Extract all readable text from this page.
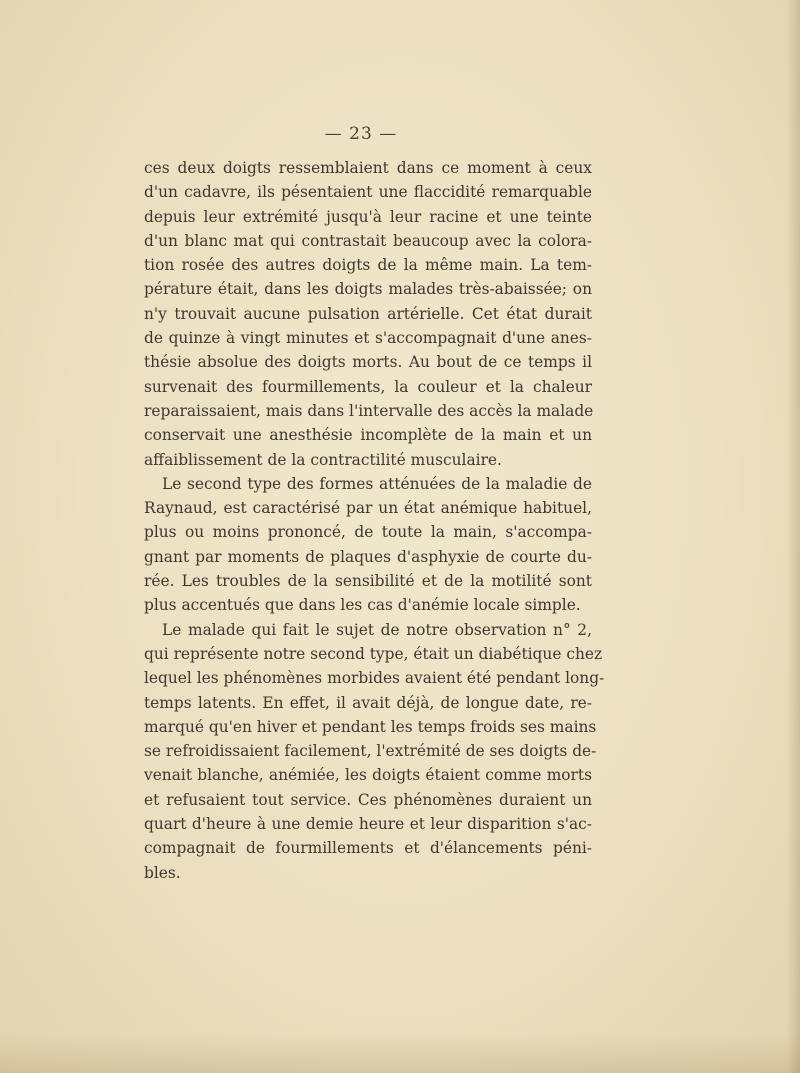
— 23 —
ces deux doigts ressemblaient dans ce moment à ceux
d'un cadavre, ils pésentaient une flaccidité remarquable
depuis leur extrémité jusqu'à leur racine et une teinte
d'un blanc mat qui contrastait beaucoup avec la colora-
tion rosée des autres doigts de la même main. La tem-
pérature était, dans les doigts malades très-abaissée; on
n'y trouvait aucune pulsation artérielle. Cet état durait
de quinze à vingt minutes et s'accompagnait d'une anes-
thésie absolue des doigts morts. Au bout de ce temps il
survenait des fourmillements, la couleur et la chaleur
reparaissaient, mais dans l'intervalle des accès la malade
conservait une anesthésie incomplète de la main et un
affaiblissement de la contractilité musculaire.
Le second type des formes atténuées de la maladie de
Raynaud, est caractérisé par un état anémique habituel,
plus ou moins prononcé, de toute la main, s'accompa-
gnant par moments de plaques d'asphyxie de courte du-
rée. Les troubles de la sensibilité et de la motilité sont
plus accentués que dans les cas d'anémie locale simple.
Le malade qui fait le sujet de notre observation n° 2,
qui représente notre second type, était un diabétique chez
lequel les phénomènes morbides avaient été pendant long-
temps latents. En effet, il avait déjà, de longue date, re-
marqué qu'en hiver et pendant les temps froids ses mains
se refroidissaient facilement, l'extrémité de ses doigts de-
venait blanche, anémiée, les doigts étaient comme morts
et refusaient tout service. Ces phénomènes duraient un
quart d'heure à une demie heure et leur disparition s'ac-
compagnait de fourmillements et d'élancements péni-
bles.
